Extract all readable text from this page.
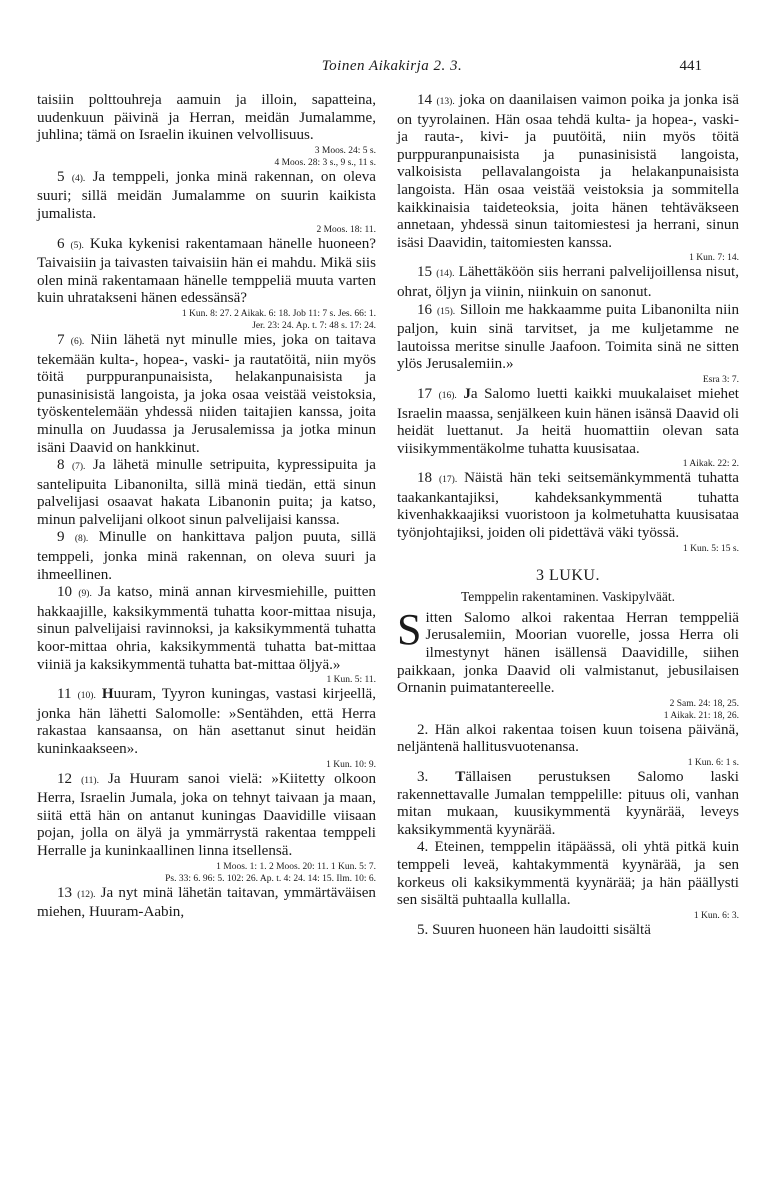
Toinen Aikakirja 2. 3.	441

taisiin polttouhreja aamuin ja illoin, sapatteina, uudenkuun päivinä ja Herran, meidän Jumalamme, juhlina; tämä on Israelin ikuinen velvollisuus.

3 Moos. 24: 5 s.
4 Moos. 28: 3 s., 9 s., 11 s.

5 (4). Ja temppeli, jonka minä rakennan, on oleva suuri; sillä meidän Jumalamme on suurin kaikista jumalista.

2 Moos. 18: 11.

6 (5). Kuka kykenisi rakentamaan hänelle huoneen? Taivaisiin ja taivasten taivaisiin hän ei mahdu. Mikä siis olen minä rakentamaan hänelle temppeliä muuta varten kuin uhratakseni hänen edessänsä?

1 Kun. 8: 27. 2 Aikak. 6: 18. Job 11: 7 s. Jes. 66: 1.
Jer. 23: 24. Ap. t. 7: 48 s. 17: 24.

7 (6). Niin lähetä nyt minulle mies, joka on taitava tekemään kulta-, hopea-, vaski- ja rautatöitä, niin myös töitä purppuranpunaisista, helakanpunaisista ja punasinisistä langoista, ja joka osaa veistää veistoksia, työskentelemään yhdessä niiden taitajien kanssa, joita minulla on Juudassa ja Jerusalemissa ja jotka minun isäni Daavid on hankkinut.

8 (7). Ja lähetä minulle setripuita, kypressipuita ja santelipuita Libanonilta, sillä minä tiedän, että sinun palvelijasi osaavat hakata Libanonin puita; ja katso, minun palvelijani olkoot sinun palvelijaisi kanssa.

9 (8). Minulle on hankittava paljon puuta, sillä temppeli, jonka minä rakennan, on oleva suuri ja ihmeellinen.

10 (9). Ja katso, minä annan kirvesmiehille, puitten hakkaajille, kaksikymmentä tuhatta koor-mittaa nisuja, sinun palvelijaisi ravinnoksi, ja kaksikymmentä tuhatta koor-mittaa ohria, kaksikymmentä tuhatta bat-mittaa viiniä ja kaksikymmentä tuhatta bat-mittaa öljyä.»

1 Kun. 5: 11.

11 (10). Huuram, Tyyron kuningas, vastasi kirjeellä, jonka hän lähetti Salomolle: »Sentähden, että Herra rakastaa kansaansa, on hän asettanut sinut heidän kuninkaakseen».

1 Kun. 10: 9.

12 (11). Ja Huuram sanoi vielä: »Kiitetty olkoon Herra, Israelin Jumala, joka on tehnyt taivaan ja maan, siitä että hän on antanut kuningas Daavidille viisaan pojan, jolla on älyä ja ymmärrystä rakentaa temppeli Herralle ja kuninkaallinen linna itsellensä.

1 Moos. 1: 1. 2 Moos. 20: 11. 1 Kun. 5: 7.
Ps. 33: 6. 96: 5. 102: 26. Ap. t. 4: 24. 14: 15. Ilm. 10: 6.

13 (12). Ja nyt minä lähetän taitavan, ymmärtäväisen miehen, Huuram-Aabin,

14 (13). joka on daanilaisen vaimon poika ja jonka isä on tyyrolainen. Hän osaa tehdä kulta- ja hopea-, vaski- ja rauta-, kivi- ja puutöitä, niin myös töitä purppuranpunaisista ja punasinisistä langoista, valkoisista pellavalangoista ja helakanpunaisista langoista. Hän osaa veistää veistoksia ja sommitella kaikkinaisia taideteoksia, joita hänen tehtäväkseen annetaan, yhdessä sinun taitomiestesi ja herrani, sinun isäsi Daavidin, taitomiesten kanssa.

1 Kun. 7: 14.

15 (14). Lähettäköön siis herrani palvelijoillensa nisut, ohrat, öljyn ja viinin, niinkuin on sanonut.

16 (15). Silloin me hakkaamme puita Libanonilta niin paljon, kuin sinä tarvitset, ja me kuljetamme ne lautoissa meritse sinulle Jaafoon. Toimita sinä ne sitten ylös Jerusalemiin.»

Esra 3: 7.

17 (16). Ja Salomo luetti kaikki muukalaiset miehet Israelin maassa, senjälkeen kuin hänen isänsä Daavid oli heidät luettanut. Ja heitä huomattiin olevan sata viisikymmentäkolme tuhatta kuusisataa.

1 Aikak. 22: 2.

18 (17). Näistä hän teki seitsemänkymmentä tuhatta taakankantajiksi, kahdeksankymmentä tuhatta kivenhakkaajiksi vuoristoon ja kolmetuhatta kuusisataa työnjohtajiksi, joiden oli pidettävä väki työssä.

1 Kun. 5: 15 s.
3 LUKU.
Temppelin rakentaminen. Vaskipylväät.

Sitten Salomo alkoi rakentaa Herran temppeliä Jerusalemiin, Moorian vuorelle, jossa Herra oli ilmestynyt hänen isällensä Daavidille, siihen paikkaan, jonka Daavid oli valmistanut, jebusilaisen Ornanin puimatantereelle.

2 Sam. 24: 18, 25.
1 Aikak. 21: 18, 26.

2. Hän alkoi rakentaa toisen kuun toisena päivänä, neljäntenä hallitusvuotenansa.

1 Kun. 6: 1 s.

3. Tällaisen perustuksen Salomo laski rakennettavalle Jumalan temppelille: pituus oli, vanhan mitan mukaan, kuusikymmentä kyynärää, leveys kaksikymmentä kyynärää.

4. Eteinen, temppelin itäpäässä, oli yhtä pitkä kuin temppeli leveä, kahtakymmentä kyynärää, ja sen korkeus oli kaksikymmentä kyynärää; ja hän päällysti sen sisältä puhtaalla kullalla.

1 Kun. 6: 3.

5. Suuren huoneen hän laudoitti sisältä
